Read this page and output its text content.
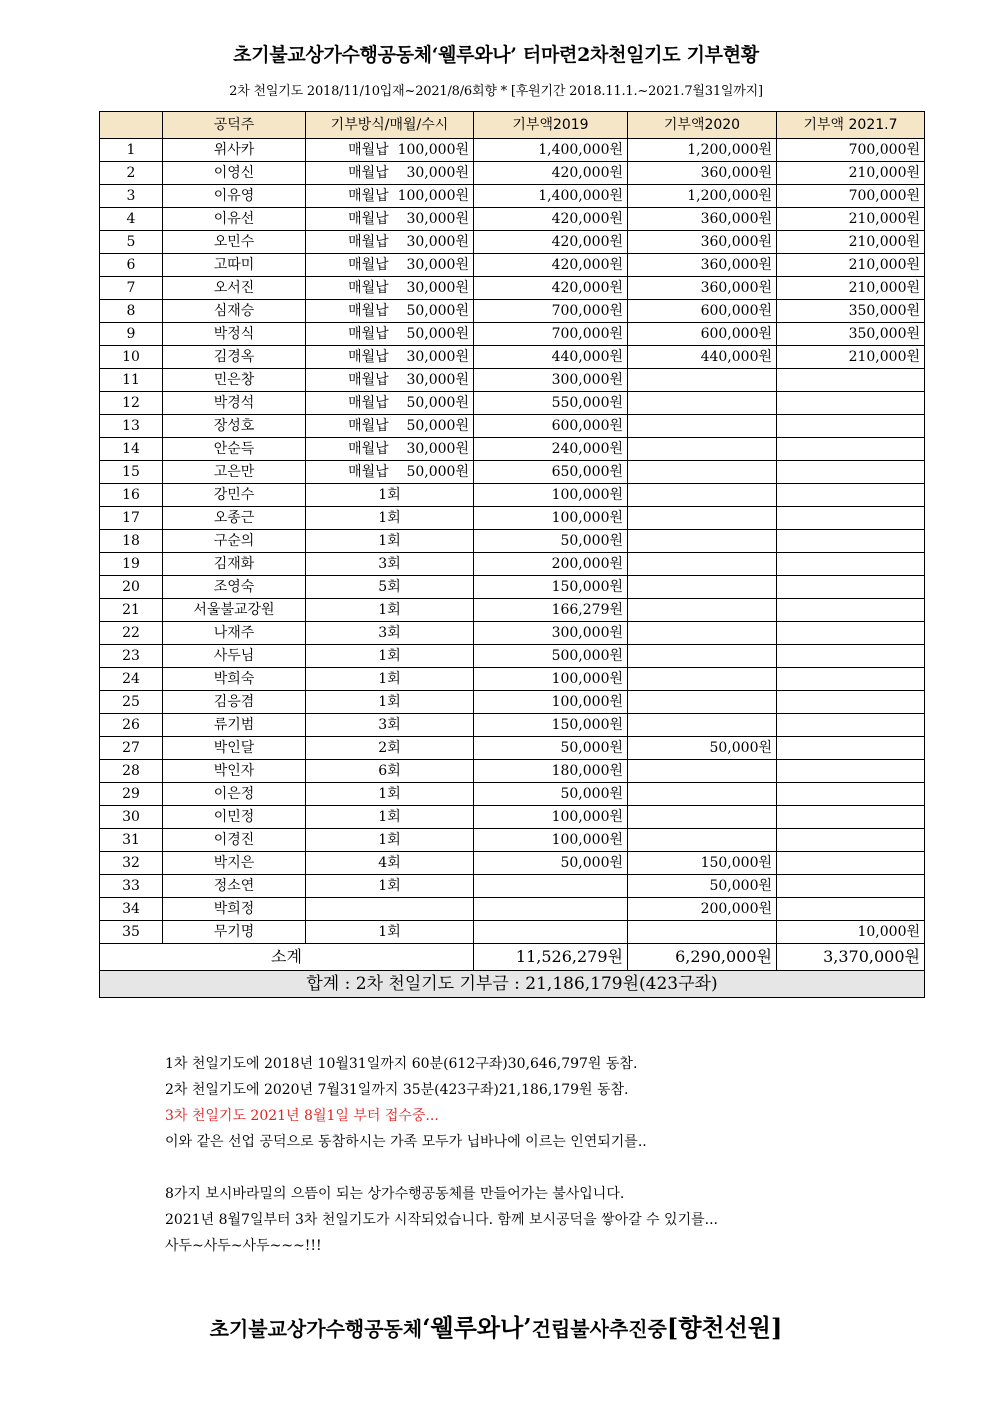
초기불교상가수행공동체‘웰루와나’ 터마련2차천일기도 기부현황
2차 천일기도 2018/11/10입재~2021/8/6회향 * [후원기간 2018.11.1.~2021.7월31일까지]
	공덕주	기부방식/매월/수시	기부액2019	기부액2020	기부액 2021.7
1	위사카	매월납  100,000원	1,400,000원	1,200,000원	700,000원
2	이영신	매월납    30,000원	420,000원	360,000원	210,000원
3	이유영	매월납  100,000원	1,400,000원	1,200,000원	700,000원
4	이유선	매월납    30,000원	420,000원	360,000원	210,000원
5	오민수	매월납    30,000원	420,000원	360,000원	210,000원
6	고따미	매월납    30,000원	420,000원	360,000원	210,000원
7	오서진	매월납    30,000원	420,000원	360,000원	210,000원
8	심재승	매월납    50,000원	700,000원	600,000원	350,000원
9	박정식	매월납    50,000원	700,000원	600,000원	350,000원
10	김경옥	매월납    30,000원	440,000원	440,000원	210,000원
11	민은창	매월납    30,000원	300,000원		
12	박경석	매월납    50,000원	550,000원		
13	장성호	매월납    50,000원	600,000원		
14	안순득	매월납    30,000원	240,000원		
15	고은만	매월납    50,000원	650,000원		
16	강민수	1회	100,000원		
17	오종근	1회	100,000원		
18	구순의	1회	50,000원		
19	김재화	3회	200,000원		
20	조영숙	5회	150,000원		
21	서울불교강원	1회	166,279원		
22	나재주	3회	300,000원		
23	사두님	1회	500,000원		
24	박희숙	1회	100,000원		
25	김응겸	1회	100,000원		
26	류기범	3회	150,000원		
27	박인달	2회	50,000원	50,000원	
28	박인자	6회	180,000원		
29	이은정	1회	50,000원		
30	이민정	1회	100,000원		
31	이경진	1회	100,000원		
32	박지은	4회	50,000원	150,000원	
33	정소연	1회		50,000원	
34	박희정			200,000원	
35	무기명	1회			10,000원
소계			11,526,279원	6,290,000원	3,370,000원
합계 : 2차 천일기도 기부금 : 21,186,179원(423구좌)					

1차 천일기도에 2018년 10월31일까지 60분(612구좌)30,646,797원 동참.

2차 천일기도에 2020년 7월31일까지 35분(423구좌)21,186,179원 동참.

3차 천일기도 2021년 8월1일 부터 접수중...

이와 같은 선업 공덕으로 동참하시는 가족 모두가 닙바나에 이르는 인연되기를..

8가지 보시바라밀의 으뜸이 되는 상가수행공동체를 만들어가는 불사입니다.

2021년 8월7일부터 3차 천일기도가 시작되었습니다. 함께 보시공덕을 쌓아갈 수 있기를...

사두~사두~사두~~~!!!

초기불교상가수행공동체‘웰루와나’건립불사추진중[향천선원]
